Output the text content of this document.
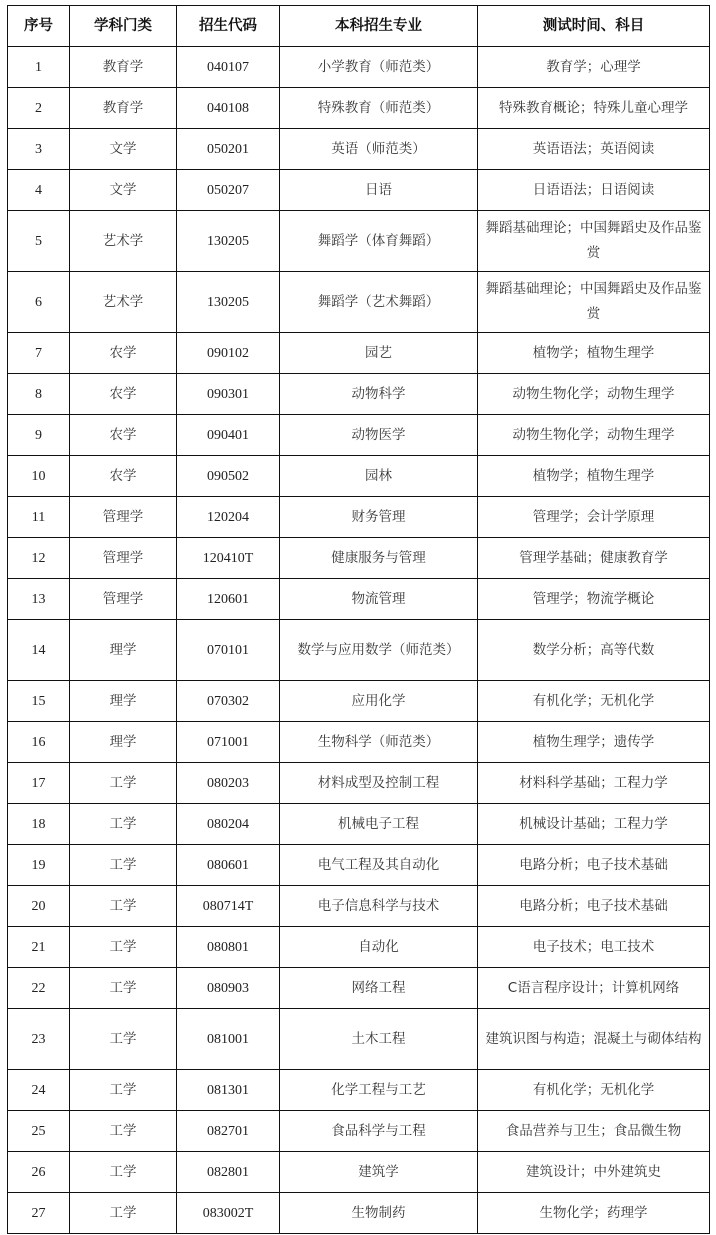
序号	学科门类	招生代码	本科招生专业	测试时间、科目
1	教育学	040107	小学教育（师范类）	教育学；心理学
2	教育学	040108	特殊教育（师范类）	特殊教育概论；特殊儿童心理学
3	文学	050201	英语（师范类）	英语语法；英语阅读
4	文学	050207	日语	日语语法；日语阅读
5	艺术学	130205	舞蹈学（体育舞蹈）	舞蹈基础理论；中国舞蹈史及作品鉴赏
6	艺术学	130205	舞蹈学（艺术舞蹈）	舞蹈基础理论；中国舞蹈史及作品鉴赏
7	农学	090102	园艺	植物学；植物生理学
8	农学	090301	动物科学	动物生物化学；动物生理学
9	农学	090401	动物医学	动物生物化学；动物生理学
10	农学	090502	园林	植物学；植物生理学
11	管理学	120204	财务管理	管理学；会计学原理
12	管理学	120410T	健康服务与管理	管理学基础；健康教育学
13	管理学	120601	物流管理	管理学；物流学概论
14	理学	070101	数学与应用数学（师范类）	数学分析；高等代数
15	理学	070302	应用化学	有机化学；无机化学
16	理学	071001	生物科学（师范类）	植物生理学；遗传学
17	工学	080203	材料成型及控制工程	材料科学基础；工程力学
18	工学	080204	机械电子工程	机械设计基础；工程力学
19	工学	080601	电气工程及其自动化	电路分析；电子技术基础
20	工学	080714T	电子信息科学与技术	电路分析；电子技术基础
21	工学	080801	自动化	电子技术；电工技术
22	工学	080903	网络工程	C语言程序设计；计算机网络
23	工学	081001	土木工程	建筑识图与构造；混凝土与砌体结构
24	工学	081301	化学工程与工艺	有机化学；无机化学
25	工学	082701	食品科学与工程	食品营养与卫生；食品微生物
26	工学	082801	建筑学	建筑设计；中外建筑史
27	工学	083002T	生物制药	生物化学；药理学
